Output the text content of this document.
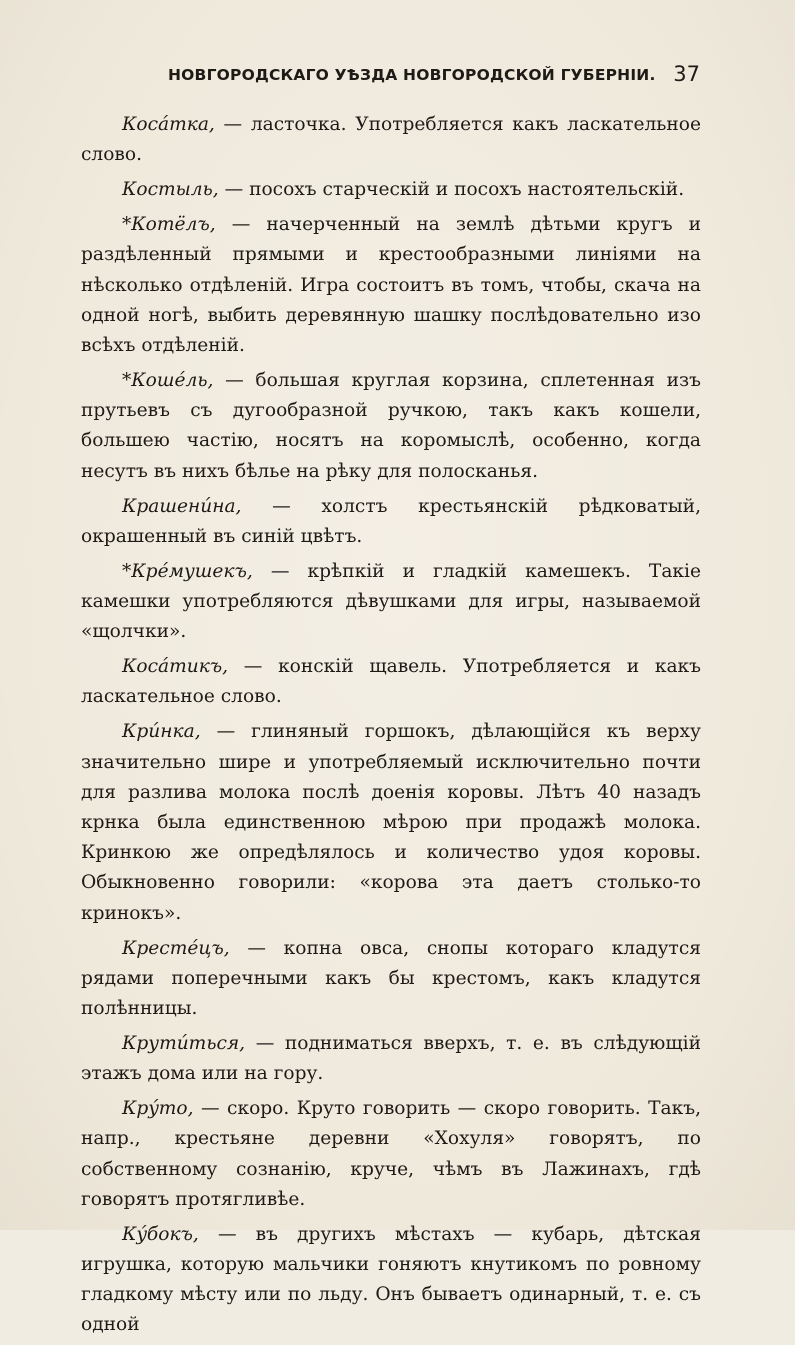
НОВГОРОДСКАГО УѢЗДА НОВГОРОДСКОЙ ГУБЕРНІИ. 37

Косáтка, — ласточка. Употребляется какъ ласкательное слово.

Костыль, — посохъ старческій и посохъ настоятельскій.

*Котёлъ, — начерченный на землѣ дѣтьми кругъ и раздѣленный прямыми и крестообразными линіями на нѣсколько отдѣленій. Игра состоитъ въ томъ, чтобы, скача на одной ногѣ, выбить деревянную шашку послѣдовательно изо всѣхъ отдѣленій.

*Кошéль, — большая круглая корзина, сплетенная изъ прутьевъ съ дугообразной ручкою, такъ какъ кошели, большею частію, носятъ на коромыслѣ, особенно, когда несутъ въ нихъ бѣлье на рѣку для полосканья.

Крашенúна, — холстъ крестьянскій рѣдковатый, окрашенный въ синій цвѣтъ.

*Крéмушекъ, — крѣпкій и гладкій камешекъ. Такіе камешки употребляются дѣвушками для игры, называемой «щолчки».

Косáтикъ, — конскій щавель. Употребляется и какъ ласкательное слово.

Крúнка, — глиняный горшокъ, дѣлающійся къ верху значительно шире и употребляемый исключительно почти для разлива молока послѣ доенія коровы. Лѣтъ 40 назадъ крнка была единственною мѣрою при продажѣ молока. Кринкою же опредѣлялось и количество удоя коровы. Обыкновенно говорили: «корова эта даетъ столько-то кринокъ».

Крестéцъ, — копна овса, снопы котораго кладутся рядами поперечными какъ бы крестомъ, какъ кладутся полѣнницы.

Крутúться, — подниматься вверхъ, т. е. въ слѣдующій этажъ дома или на гору.

Крýто, — скоро. Круто говорить — скоро говорить. Такъ, напр., крестьяне деревни «Хохуля» говорятъ, по собственному сознанію, круче, чѣмъ въ Лажинахъ, гдѣ говорятъ протягливѣе.

Кýбокъ, — въ другихъ мѣстахъ — кубарь, дѣтская игрушка, которую мальчики гоняютъ кнутикомъ по ровному гладкому мѣсту или по льду. Онъ бываетъ одинарный, т. е. съ одной
